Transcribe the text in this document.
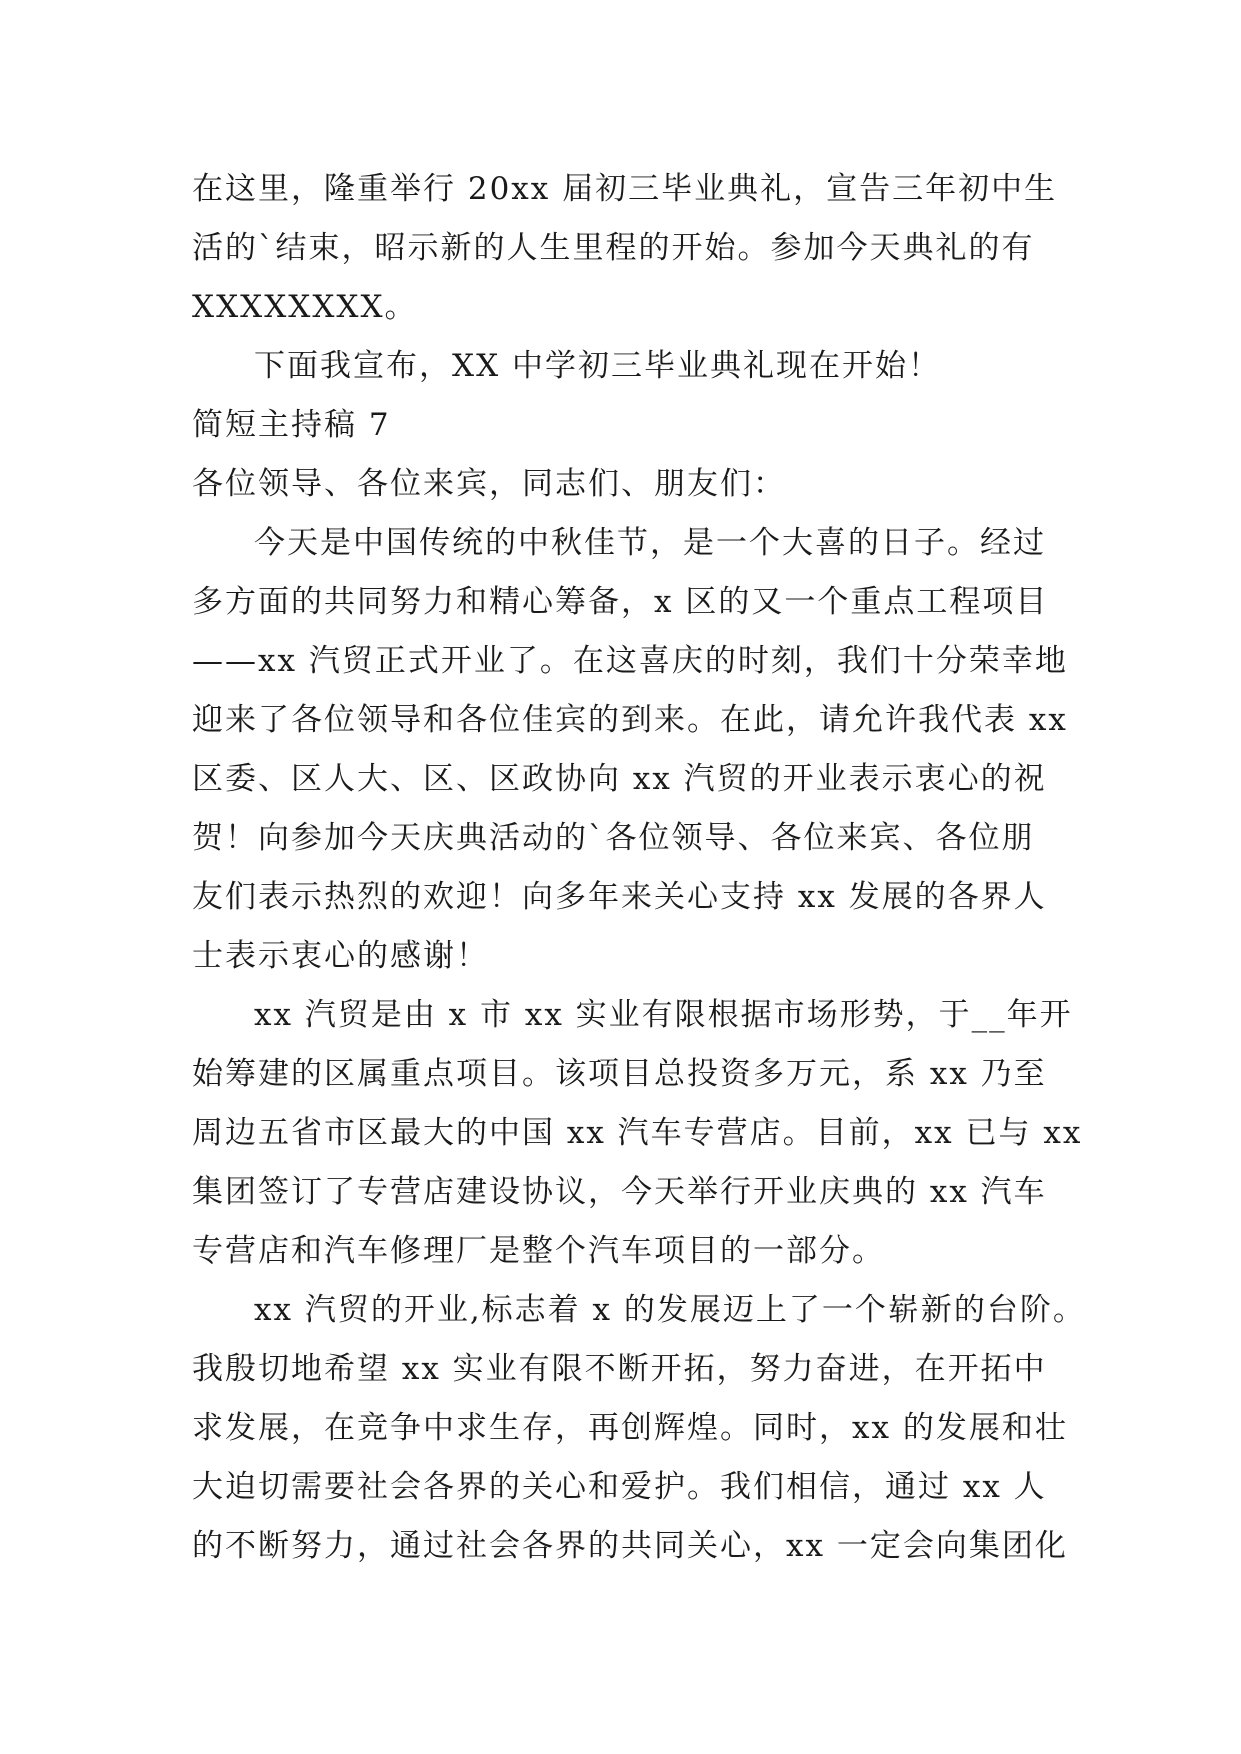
在这里，隆重举行 20xx 届初三毕业典礼，宣告三年初中生
活的`结束，昭示新的人生里程的开始。参加今天典礼的有
XXXXXXXX。
下面我宣布，XX 中学初三毕业典礼现在开始！
简短主持稿 7
各位领导、各位来宾，同志们、朋友们：
今天是中国传统的中秋佳节，是一个大喜的日子。经过
多方面的共同努力和精心筹备，x 区的又一个重点工程项目
——xx 汽贸正式开业了。在这喜庆的时刻，我们十分荣幸地
迎来了各位领导和各位佳宾的到来。在此，请允许我代表 xx
区委、区人大、区、区政协向 xx 汽贸的开业表示衷心的祝
贺！向参加今天庆典活动的`各位领导、各位来宾、各位朋
友们表示热烈的欢迎！向多年来关心支持 xx 发展的各界人
士表示衷心的感谢！
xx 汽贸是由 x 市 xx 实业有限根据市场形势，于__年开
始筹建的区属重点项目。该项目总投资多万元，系 xx 乃至
周边五省市区最大的中国 xx 汽车专营店。目前，xx 已与 xx
集团签订了专营店建设协议，今天举行开业庆典的 xx 汽车
专营店和汽车修理厂是整个汽车项目的一部分。
xx 汽贸的开业,标志着 x 的发展迈上了一个崭新的台阶。
我殷切地希望 xx 实业有限不断开拓，努力奋进，在开拓中
求发展，在竞争中求生存，再创辉煌。同时，xx 的发展和壮
大迫切需要社会各界的关心和爱护。我们相信，通过 xx 人
的不断努力，通过社会各界的共同关心，xx 一定会向集团化
